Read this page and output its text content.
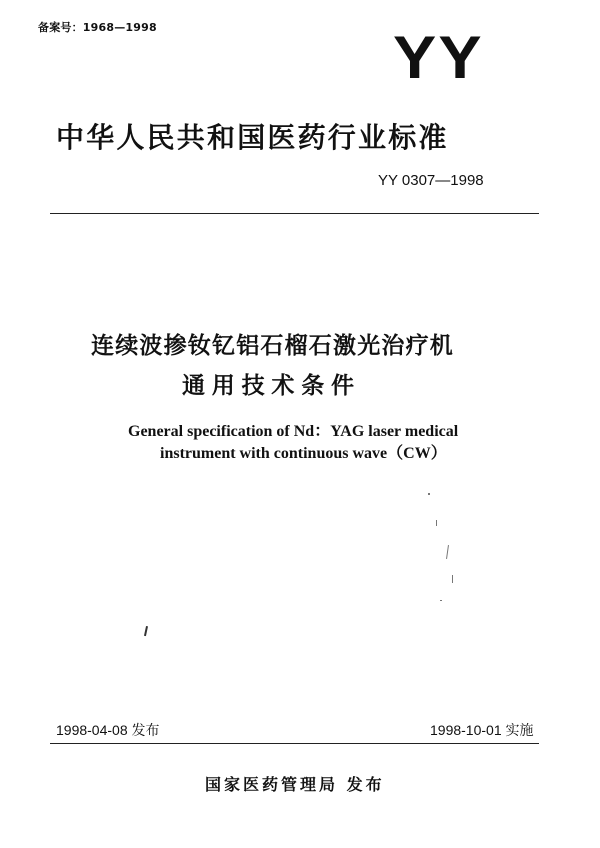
备案号：1968—1998	YY
中华人民共和国医药行业标准
YY 0307—1998
连续波掺钕钇铝石榴石激光治疗机
通用技术条件
General specification of Nd：YAG laser medical
instrument with continuous wave（CW）
1998-04-08 发布	1998-10-01 实施
国家医药管理局 发布
